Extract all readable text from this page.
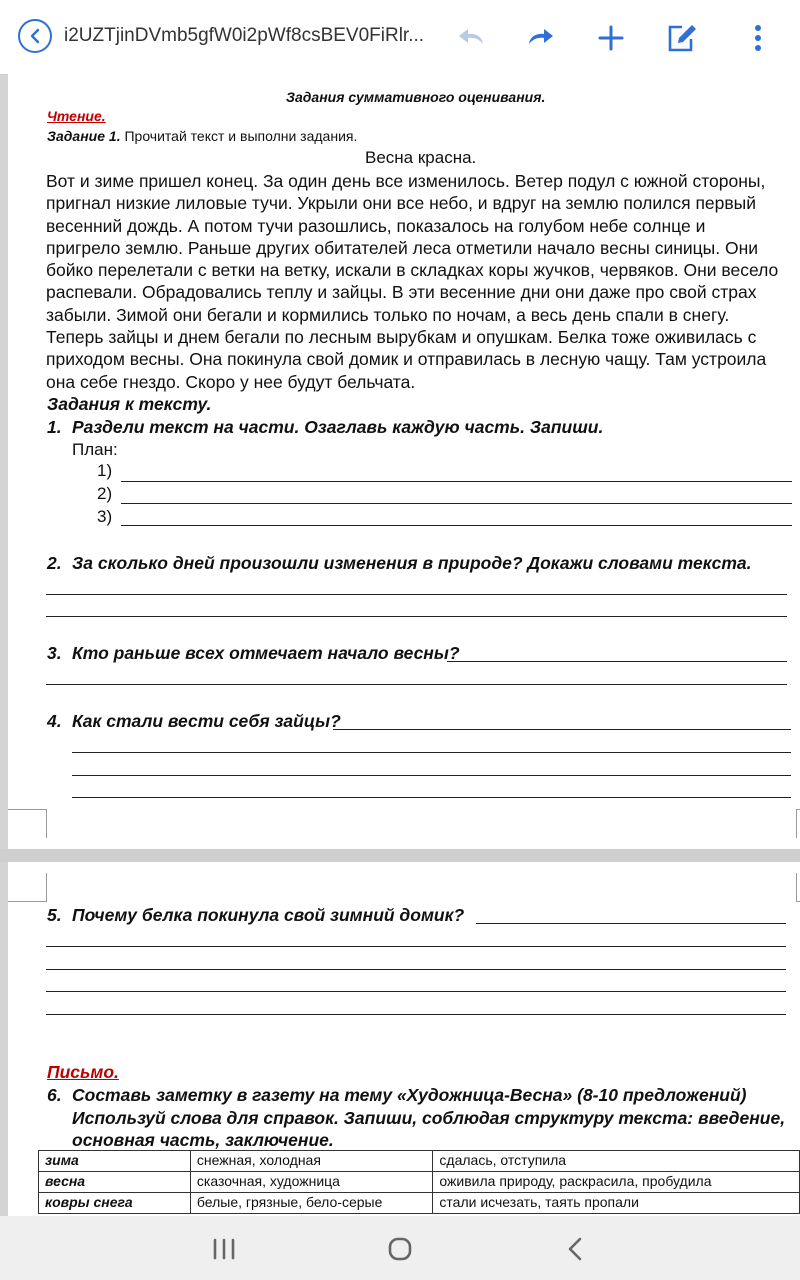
i2UZTjinDVmb5gfW0i2pWf8csBEV0FiRlr...
Задания суммативного оценивания.
Чтение.
Задание 1. Прочитай текст и выполни задания.
Весна красна.
Вот и зиме пришел конец. За один день все изменилось. Ветер подул с южной стороны,
пригнал низкие лиловые тучи. Укрыли они все небо, и вдруг на землю полился первый
весенний дождь. А потом тучи разошлись, показалось на голубом небе солнце и
пригрело землю. Раньше других обитателей леса отметили начало весны синицы. Они
бойко перелетали с ветки на ветку, искали в складках коры жучков, червяков. Они весело
распевали. Обрадовались теплу и зайцы. В эти весенние дни они даже про свой страх
забыли. Зимой они бегали и кормились только по ночам, а весь день спали в снегу.
Теперь зайцы и днем бегали по лесным вырубкам и опушкам. Белка тоже оживилась с
приходом весны. Она покинула свой домик и отправилась в лесную чащу. Там устроила
она себе гнездо. Скоро у нее будут бельчата.
Задания к тексту.
1. Раздели текст на части. Озаглавь каждую часть. Запиши.
План:
1)
2)
3)
2. За сколько дней произошли изменения в природе? Докажи словами текста.
3. Кто раньше всех отмечает начало весны?
4. Как стали вести себя зайцы?
5. Почему белка покинула свой зимний домик?
Письмо.
6. Составь заметку в газету на тему «Художница-Весна» (8-10 предложений)
Используй слова для справок. Запиши, соблюдая структуру текста: введение,
основная часть, заключение.
зима	снежная, холодная	сдалась, отступила
весна	сказочная, художница	оживила природу, раскрасила, пробудила
ковры снега	белые, грязные, бело-серые	стали исчезать, таять пропали
